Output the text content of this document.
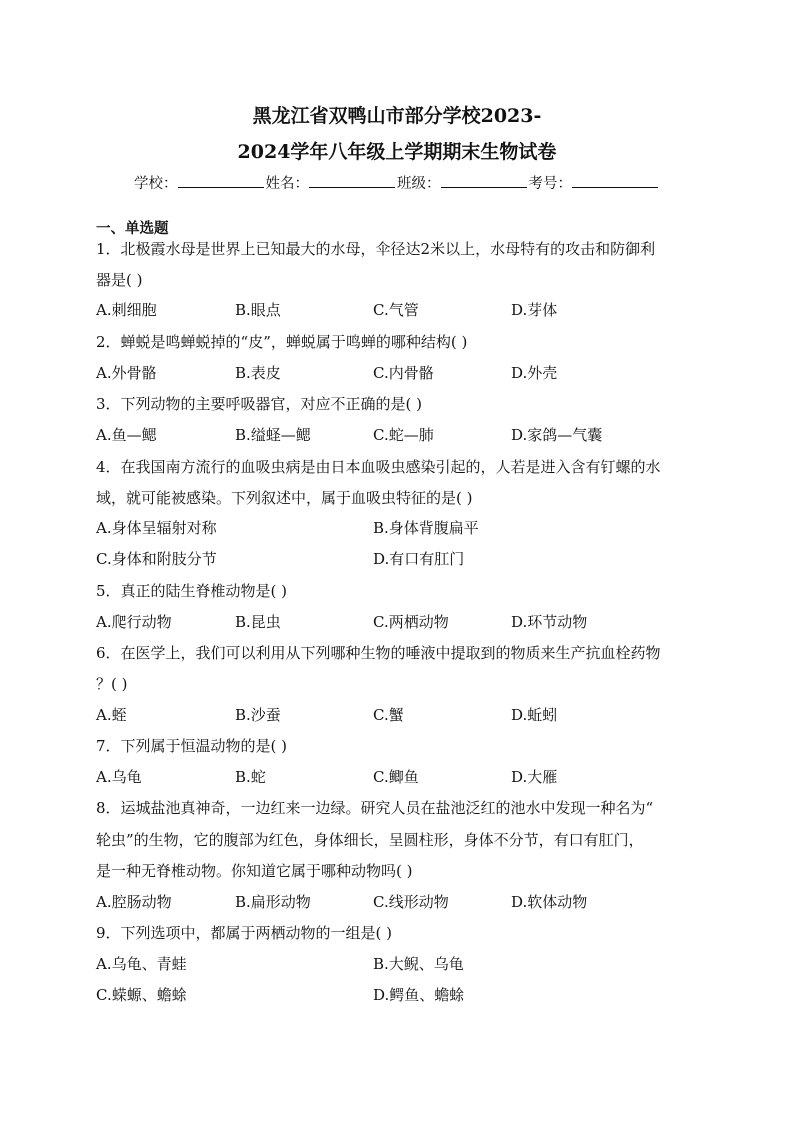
黑龙江省双鸭山市部分学校2023-
2024学年八年级上学期期末生物试卷
学校：	姓名：	班级：	考号：
一、单选题
1．北极霞水母是世界上已知最大的水母，伞径达2米以上，水母特有的攻击和防御利
器是( )
A.刺细胞	B.眼点	C.气管	D.芽体
2．蝉蜕是鸣蝉蜕掉的“皮”，蝉蜕属于鸣蝉的哪种结构( )
A.外骨骼	B.表皮	C.内骨骼	D.外壳
3．下列动物的主要呼吸器官，对应不正确的是( )
A.鱼—鳃	B.缢蛏—鳃	C.蛇—肺	D.家鸽—气囊
4．在我国南方流行的血吸虫病是由日本血吸虫感染引起的，人若是进入含有钉螺的水
域，就可能被感染。下列叙述中，属于血吸虫特征的是( )
A.身体呈辐射对称	B.身体背腹扁平
C.身体和附肢分节	D.有口有肛门
5．真正的陆生脊椎动物是( )
A.爬行动物	B.昆虫	C.两栖动物	D.环节动物
6．在医学上，我们可以利用从下列哪种生物的唾液中提取到的物质来生产抗血栓药物
？( )
A.蛭	B.沙蚕	C.蟹	D.蚯蚓
7．下列属于恒温动物的是( )
A.乌龟	B.蛇	C.鲫鱼	D.大雁
8．运城盐池真神奇，一边红来一边绿。研究人员在盐池泛红的池水中发现一种名为“
轮虫”的生物，它的腹部为红色，身体细长，呈圆柱形，身体不分节，有口有肛门，
是一种无脊椎动物。你知道它属于哪种动物吗( )
A.腔肠动物	B.扁形动物	C.线形动物	D.软体动物
9．下列选项中，都属于两栖动物的一组是( )
A.乌龟、青蛙	B.大鲵、乌龟
C.蝾螈、蟾蜍	D.鳄鱼、蟾蜍
